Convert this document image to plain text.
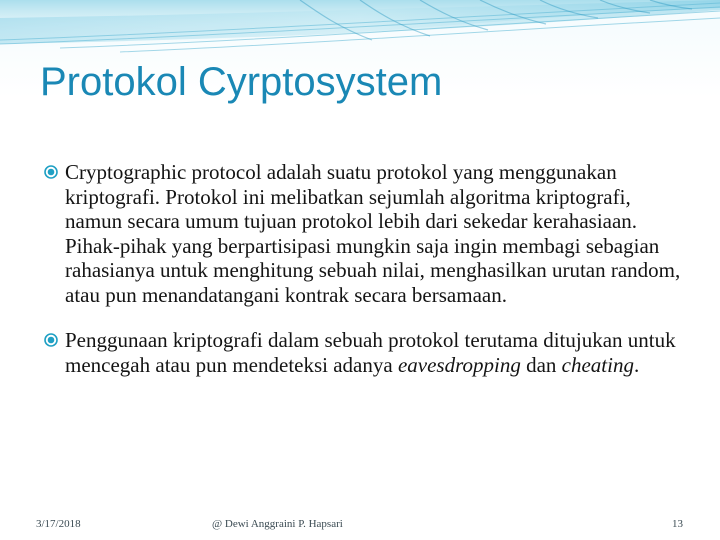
Protokol Cyrptosystem
Cryptographic protocol adalah suatu protokol yang menggunakan kriptografi. Protokol ini melibatkan sejumlah algoritma kriptografi, namun secara umum tujuan protokol lebih dari sekedar kerahasiaan. Pihak-pihak yang berpartisipasi mungkin saja ingin membagi sebagian rahasianya untuk menghitung sebuah nilai, menghasilkan urutan random, atau pun menandatangani kontrak secara bersamaan.
Penggunaan kriptografi dalam sebuah protokol terutama ditujukan untuk mencegah atau pun mendeteksi adanya eavesdropping dan cheating.
3/17/2018	@ Dewi Anggraini P. Hapsari	13
